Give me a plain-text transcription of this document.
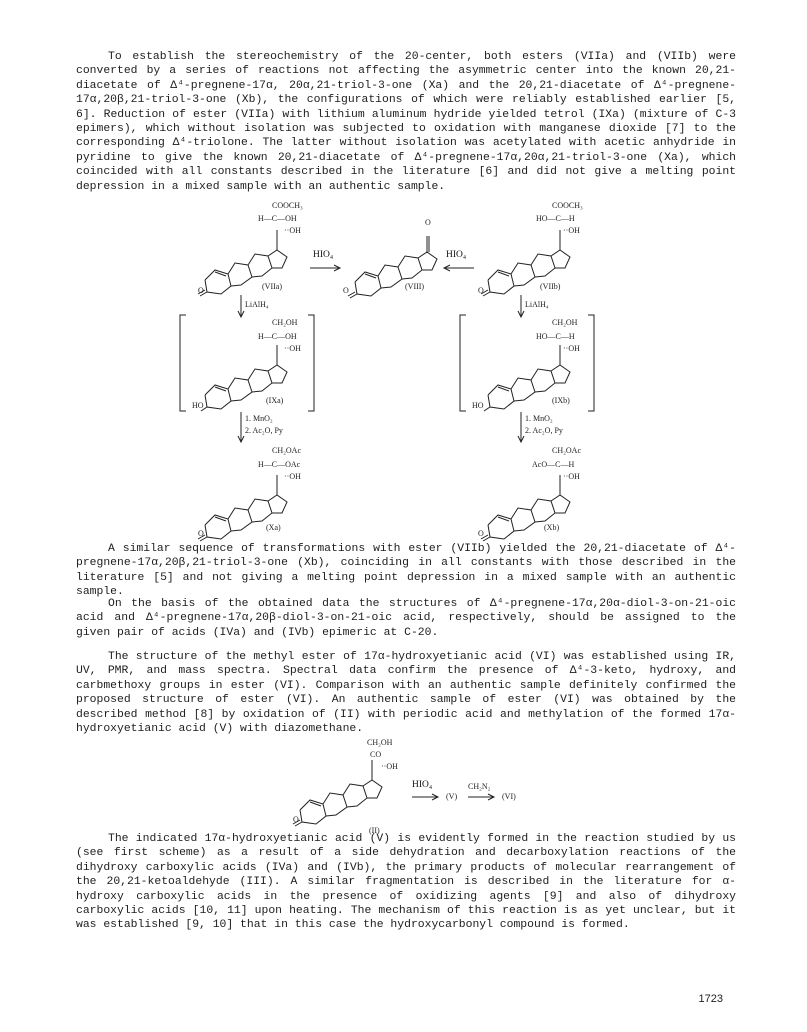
To establish the stereochemistry of the 20-center, both esters (VIIa) and (VIIb) were converted by a series of reactions not affecting the asymmetric center into the known 20,21-diacetate of Δ⁴-pregnene-17α, 20α,21-triol-3-one (Xa) and the 20,21-diacetate of Δ⁴-pregnene-17α,20β,21-triol-3-one (Xb), the configurations of which were reliably established earlier [5, 6]. Reduction of ester (VIIa) with lithium aluminum hydride yielded tetrol (IXa) (mixture of C-3 epimers), which without isolation was subjected to oxidation with manganese dioxide [7] to the corresponding Δ⁴-triolone. The latter without isolation was acetylated with acetic anhydride in pyridine to give the known 20,21-diacetate of Δ⁴-pregnene-17α,20α,21-triol-3-one (Xa), which coincided with all constants described in the literature [6] and did not give a melting point depression in a mixed sample with an authentic sample.
O	(VIIa)
COOCH₃
H—C—OH
··OH
HIO₄
O
O	(VIII)
HIO₄
O	(VIIb)
COOCH₃
HO—C—H
··OH
LiAlH₄	LiAlH₄
HO
(IXa)
CH₂OH
H—C—OH
··OH
HO
(IXb)
CH₂OH
HO—C—H
··OH
1. MnO₂
2. Ac₂O, Py
1. MnO₂
2. Ac₂O, Py
O
(Xa)
CH₂OAc
H—C—OAc
··OH
O
(Xb)
CH₂OAc
AcO—C—H
··OH
A similar sequence of transformations with ester (VIIb) yielded the 20,21-diacetate of Δ⁴-pregnene-17α,20β,21-triol-3-one (Xb), coinciding in all constants with those described in the literature [5] and not giving a melting point depression in a mixed sample with an authentic sample.
On the basis of the obtained data the structures of Δ⁴-pregnene-17α,20α-diol-3-on-21-oic acid and Δ⁴-pregnene-17α,20β-diol-3-on-21-oic acid, respectively, should be assigned to the given pair of acids (IVa) and (IVb) epimeric at C-20.
The structure of the methyl ester of 17α-hydroxyetianic acid (VI) was established using IR, UV, PMR, and mass spectra. Spectral data confirm the presence of Δ⁴-3-keto, hydroxy, and carbmethoxy groups in ester (VI). Comparison with an authentic sample definitely confirmed the proposed structure of ester (VI). An authentic sample of ester (VI) was obtained by the described method [8] by oxidation of (II) with periodic acid and methylation of the formed 17α-hydroxyetianic acid (V) with diazomethane.
O
CH₂OH
CO
··OH
(II)
HIO₄
(V)
CH₂N₂
(VI)
The indicated 17α-hydroxyetianic acid (V) is evidently formed in the reaction studied by us (see first scheme) as a result of a side dehydration and decarboxylation reactions of the dihydroxy carboxylic acids (IVa) and (IVb), the primary products of molecular rearrangement of the 20,21-ketoaldehyde (III). A similar fragmentation is described in the literature for α-hydroxy carboxylic acids in the presence of oxidizing agents [9] and also of dihydroxy carboxylic acids [10, 11] upon heating. The mechanism of this reaction is as yet unclear, but it was established [9, 10] that in this case the hydroxycarbonyl compound is formed.
1723
